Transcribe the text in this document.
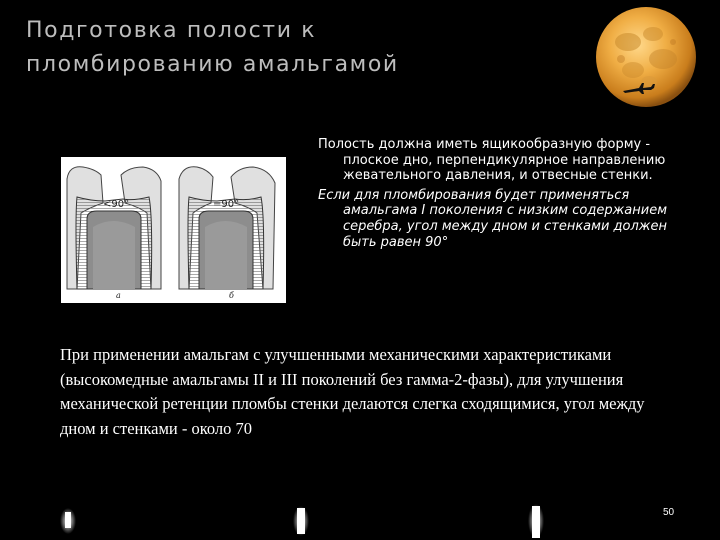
Подготовка полости к
пломбированию амальгамой
<90°
а
=90°
б

Полость должна иметь ящикообразную форму - плоское дно, перпендикулярное направлению жевательного давления, и отвесные стенки.

Если для пломбирования будет применяться амальгама I поколения с низким содержанием серебра, угол между дном и стенками должен быть равен 90°

При применении амальгам с улучшенными механическими характеристиками (высокомедные амальгамы II и III поколений без гамма-2-фазы), для улучшения механической ретенции пломбы стенки делаются слегка сходящимися, угол между дном и стенками - около 70
50
